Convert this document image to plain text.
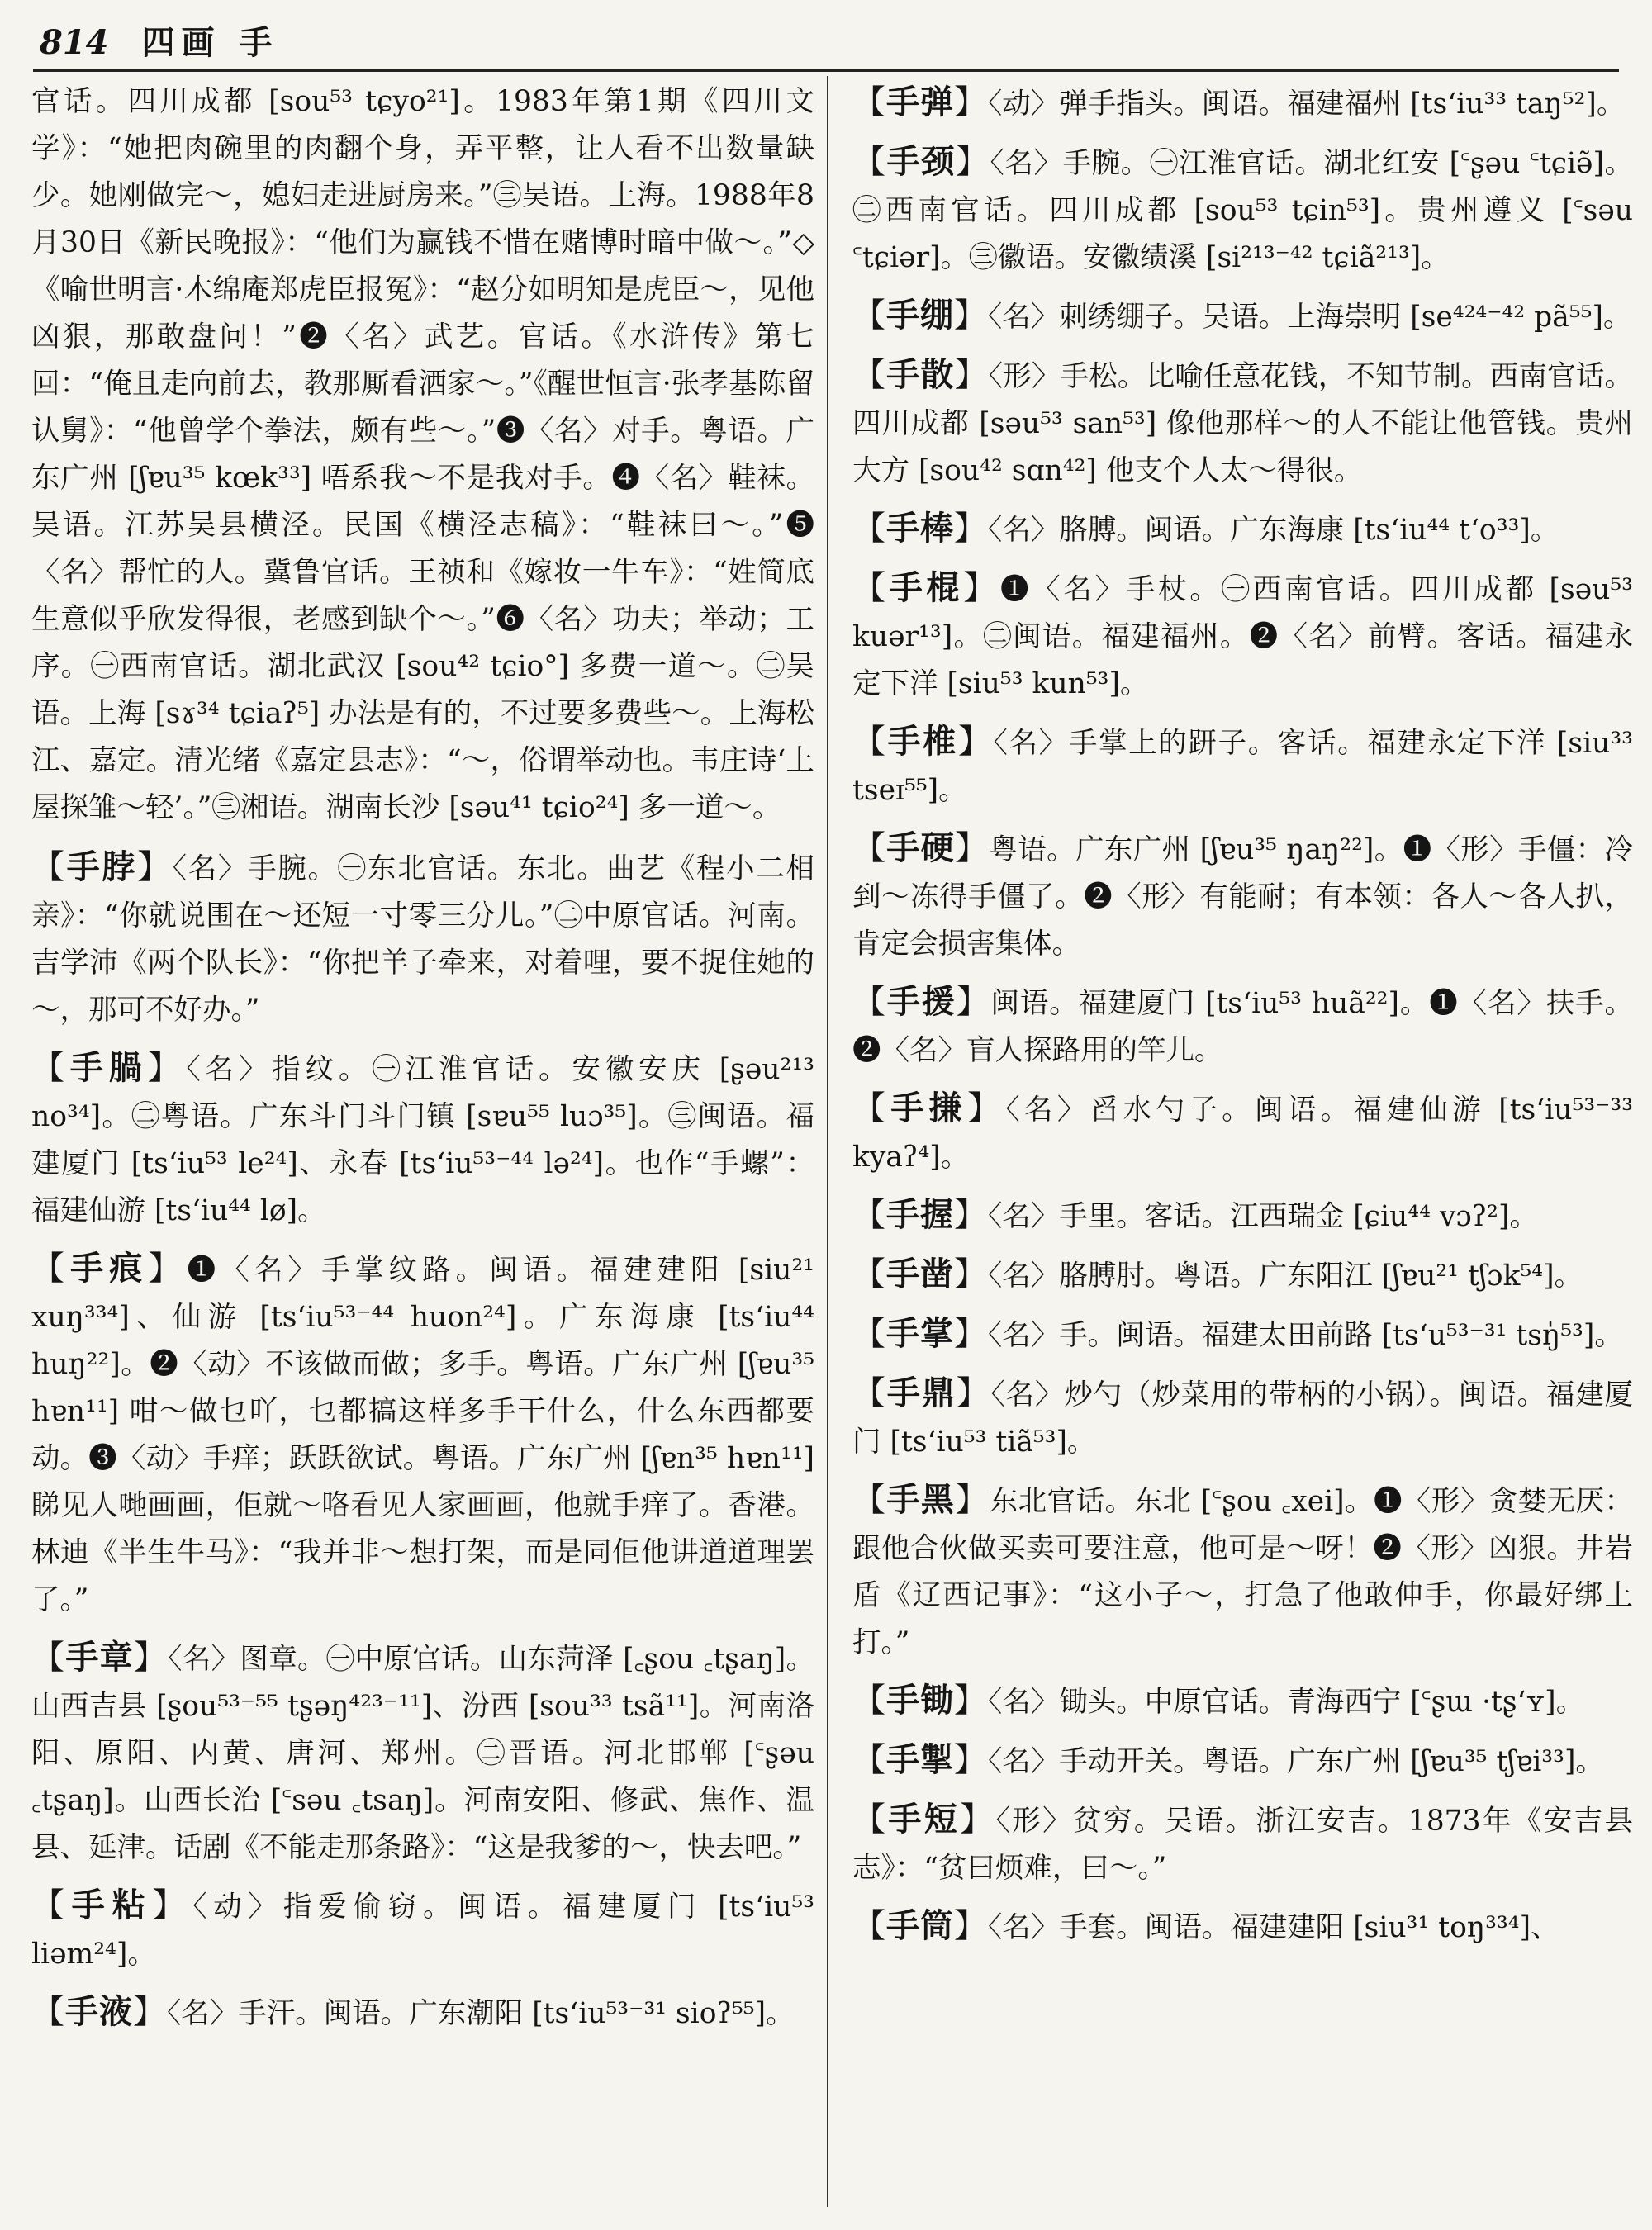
814 四画 手

官话。四川成都 [sou⁵³ tɕyo²¹]。1983年第1期《四川文学》：“她把肉碗里的肉翻个身，弄平整，让人看不出数量缺少。她刚做完～，媳妇走进厨房来。”㊂吴语。上海。1988年8月30日《新民晚报》：“他们为赢钱不惜在赌博时暗中做～。”◇《喻世明言·木绵庵郑虎臣报冤》：“赵分如明知是虎臣～，见他凶狠，那敢盘问！”❷〈名〉武艺。官话。《水浒传》第七回：“俺且走向前去，教那厮看洒家～。”《醒世恒言·张孝基陈留认舅》：“他曾学个拳法，颇有些～。”❸〈名〉对手。粤语。广东广州 [ʃɐu³⁵ kœk³³] 唔系我～不是我对手。❹〈名〉鞋袜。吴语。江苏吴县横泾。民国《横泾志稿》：“鞋袜曰～。”❺〈名〉帮忙的人。冀鲁官话。王祯和《嫁妆一牛车》：“姓简底生意似乎欣发得很，老感到缺个～。”❻〈名〉功夫；举动；工序。㊀西南官话。湖北武汉 [sou⁴² tɕio°] 多费一道～。㊁吴语。上海 [sɤ³⁴ tɕiaʔ⁵] 办法是有的，不过要多费些～。上海松江、嘉定。清光绪《嘉定县志》：“～，俗谓举动也。韦庄诗‘上屋探雏～轻’。”㊂湘语。湖南长沙 [səu⁴¹ tɕio²⁴] 多一道～。

【手脖】〈名〉手腕。㊀东北官话。东北。曲艺《程小二相亲》：“你就说围在～还短一寸零三分儿。”㊁中原官话。河南。吉学沛《两个队长》：“你把羊子牵来，对着哩，要不捉住她的～，那可不好办。”

【手腡】〈名〉指纹。㊀江淮官话。安徽安庆 [ʂəu²¹³ no³⁴]。㊁粤语。广东斗门斗门镇 [sɐu⁵⁵ luɔ³⁵]。㊂闽语。福建厦门 [tsʻiu⁵³ le²⁴]、永春 [tsʻiu⁵³⁻⁴⁴ lə²⁴]。也作“手螺”：福建仙游 [tsʻiu⁴⁴ lø]。

【手痕】❶〈名〉手掌纹路。闽语。福建建阳 [siu²¹ xuŋ³³⁴]、仙游 [tsʻiu⁵³⁻⁴⁴ huon²⁴]。广东海康 [tsʻiu⁴⁴ huŋ²²]。❷〈动〉不该做而做；多手。粤语。广东广州 [ʃɐu³⁵ hɐn¹¹] 咁～做乜吖，乜都搞这样多手干什么，什么东西都要动。❸〈动〉手痒；跃跃欲试。粤语。广东广州 [ʃɐn³⁵ hɐn¹¹] 睇见人哋画画，佢就～咯看见人家画画，他就手痒了。香港。林迪《半生牛马》：“我并非～想打架，而是同佢他讲道道理罢了。”

【手章】〈名〉图章。㊀中原官话。山东菏泽 [꜀ʂou ꜀tʂaŋ]。山西吉县 [ʂou⁵³⁻⁵⁵ tʂəŋ⁴²³⁻¹¹]、汾西 [sou³³ tsã¹¹]。河南洛阳、原阳、内黄、唐河、郑州。㊁晋语。河北邯郸 [꜂ʂəu ꜀tʂaŋ]。山西长治 [꜂səu ꜀tsaŋ]。河南安阳、修武、焦作、温县、延津。话剧《不能走那条路》：“这是我爹的～，快去吧。”

【手粘】〈动〉指爱偷窃。闽语。福建厦门 [tsʻiu⁵³ liəm²⁴]。

【手液】〈名〉手汗。闽语。广东潮阳 [tsʻiu⁵³⁻³¹ sioʔ⁵⁵]。

【手弹】〈动〉弹手指头。闽语。福建福州 [tsʻiu³³ taŋ⁵²]。

【手颈】〈名〉手腕。㊀江淮官话。湖北红安 [꜂ʂəu ꜂tɕiə̃]。㊁西南官话。四川成都 [sou⁵³ tɕin⁵³]。贵州遵义 [꜂səu ꜂tɕiər]。㊂徽语。安徽绩溪 [si²¹³⁻⁴² tɕiã²¹³]。

【手绷】〈名〉刺绣绷子。吴语。上海崇明 [se⁴²⁴⁻⁴² pã⁵⁵]。

【手散】〈形〉手松。比喻任意花钱，不知节制。西南官话。四川成都 [səu⁵³ san⁵³] 像他那样～的人不能让他管钱。贵州大方 [sou⁴² sɑn⁴²] 他支个人太～得很。

【手棒】〈名〉胳膊。闽语。广东海康 [tsʻiu⁴⁴ tʻo³³]。

【手棍】❶〈名〉手杖。㊀西南官话。四川成都 [səu⁵³ kuər¹³]。㊁闽语。福建福州。❷〈名〉前臂。客话。福建永定下洋 [siu⁵³ kun⁵³]。

【手椎】〈名〉手掌上的趼子。客话。福建永定下洋 [siu³³ tseɪ⁵⁵]。

【手硬】粤语。广东广州 [ʃɐu³⁵ ŋaŋ²²]。❶〈形〉手僵：冷到～冻得手僵了。❷〈形〉有能耐；有本领：各人～各人扒，肯定会损害集体。

【手援】闽语。福建厦门 [tsʻiu⁵³ huã²²]。❶〈名〉扶手。❷〈名〉盲人探路用的竿儿。

【手搛】〈名〉舀水勺子。闽语。福建仙游 [tsʻiu⁵³⁻³³ kyaʔ⁴]。

【手握】〈名〉手里。客话。江西瑞金 [ɕiu⁴⁴ vɔʔ²]。

【手凿】〈名〉胳膊肘。粤语。广东阳江 [ʃɐu²¹ tʃɔk⁵⁴]。

【手掌】〈名〉手。闽语。福建太田前路 [tsʻu⁵³⁻³¹ tsŋ̍⁵³]。

【手鼎】〈名〉炒勺（炒菜用的带柄的小锅）。闽语。福建厦门 [tsʻiu⁵³ tiã⁵³]。

【手黑】东北官话。东北 [꜂ʂou ꜀xei]。❶〈形〉贪婪无厌：跟他合伙做买卖可要注意，他可是～呀！❷〈形〉凶狠。井岩盾《辽西记事》：“这小子～，打急了他敢伸手，你最好绑上打。”

【手锄】〈名〉锄头。中原官话。青海西宁 [꜂ʂɯ ·tʂʻʏ]。

【手掣】〈名〉手动开关。粤语。广东广州 [ʃɐu³⁵ tʃɐi³³]。

【手短】〈形〉贫穷。吴语。浙江安吉。1873年《安吉县志》：“贫曰烦难，曰～。”

【手筒】〈名〉手套。闽语。福建建阳 [siu³¹ toŋ³³⁴]、
